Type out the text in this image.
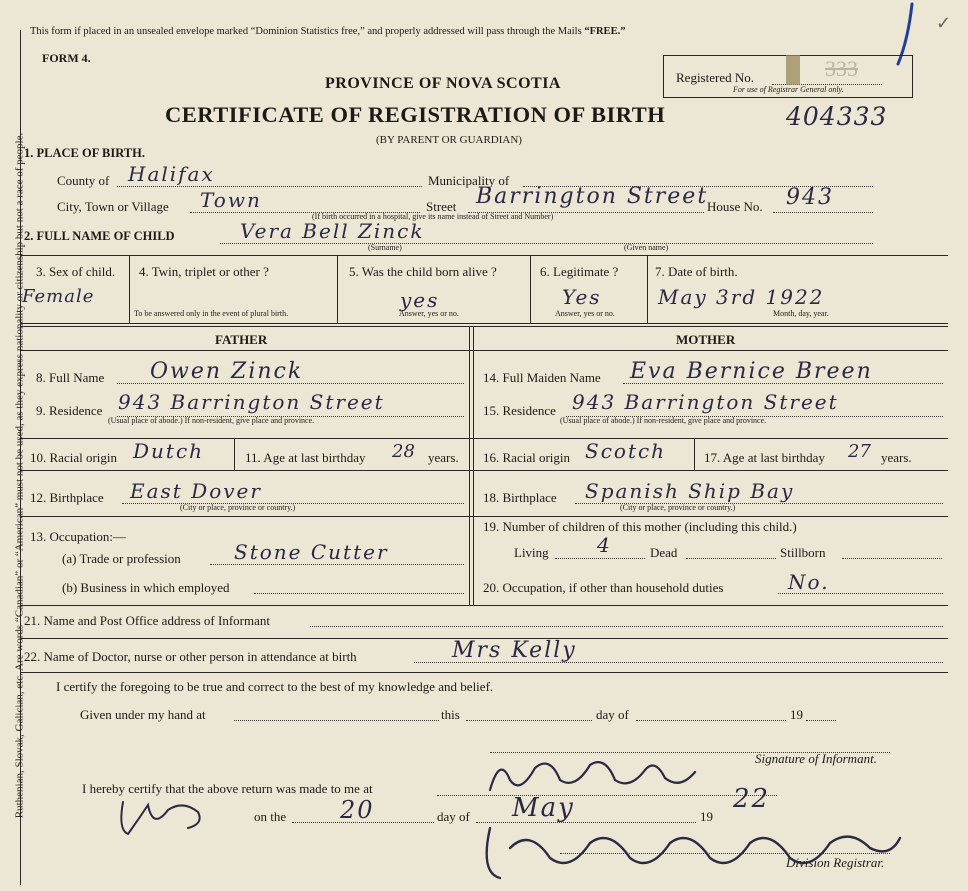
Ruthenian, Slovak, Galician, etc. Are words “Canadian” or “American” must not be used, as they express nationality or citizenship but not a race of people.
This form if placed in an unsealed envelope marked “Dominion Statistics free,” and properly addressed will pass through the Mails “FREE.”
FORM 4.
✓
Registered No.	333
For use of Registrar General only.
PROVINCE OF NOVA SCOTIA
CERTIFICATE OF REGISTRATION OF BIRTH	404333
(BY PARENT OR GUARDIAN)
1. PLACE OF BIRTH.
County of Halifax	Municipality of
City, Town or Village Town	Street Barrington Street
House No. 943
(If birth occurred in a hospital, give its name instead of Street and Number)
2. FULL NAME OF CHILD	Vera Bell Zinck
(Surname)	(Given name)
3. Sex of child.
Female
4. Twin, triplet or other ?
To be answered only in the event of plural birth.
5. Was the child born alive ?
yes
Answer, yes or no.
6. Legitimate ?
Yes
Answer, yes or no.
7. Date of birth.
May 3rd 1922
Month, day, year.
FATHER	MOTHER
8. Full Name Owen Zinck
9. Residence 943 Barrington Street
(Usual place of abode.) If non-resident, give place and province.
10. Racial origin Dutch	11. Age at last birthday 28 years.
12. Birthplace East Dover
(City or place, province or country.)
13. Occupation:—
(a) Trade or profession	Stone Cutter
(b) Business in which employed
14. Full Maiden Name Eva Bernice Breen
15. Residence 943 Barrington Street
(Usual place of abode.) If non-resident, give place and province.
16. Racial origin Scotch	17. Age at last birthday 27 years.
18. Birthplace Spanish Ship Bay
(City or place, province or country.)
19. Number of children of this mother (including this child.)
Living 4	Dead	Stillborn
20. Occupation, if other than household duties	No.
21. Name and Post Office address of Informant
22. Name of Doctor, nurse or other person in attendance at birth	Mrs Kelly
I certify the foregoing to be true and correct to the best of my knowledge and belief.
Given under my hand at	this	day of	19
Signature of Informant.
I hereby certify that the above return was made to me at
on the 20	day of May	19
22
Division Registrar.
